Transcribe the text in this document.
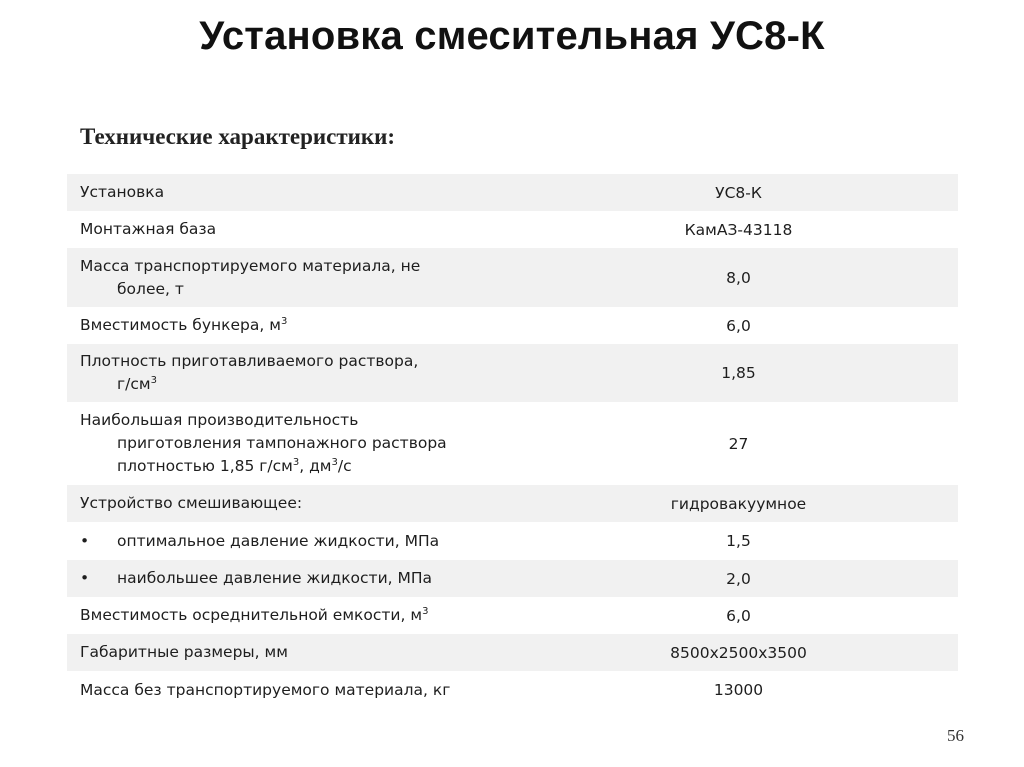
Установка смесительная УС8-К
Технические характеристики:
Установка	УС8-К
Монтажная база	КамАЗ-43118

Масса транспортируемого материала, не
более, т	8,0
Вместимость бункера, $м^3$	6,0

Плотность приготавливаемого раствора,
$г/см^3$	1,85

Наибольшая производительность
приготовления тампонажного раствора
плотностью 1,85 $г/см^3$, $дм^3/с$	27
Устройство смешивающее:	гидровакуумное
• оптимальное давление жидкости, МПа	1,5
• наибольшее давление жидкости, МПа	2,0
Вместимость осреднительной емкости, $м^3$	6,0
Габаритные размеры, мм	8500х2500х3500
Масса без транспортируемого материала, кг	13000
56
